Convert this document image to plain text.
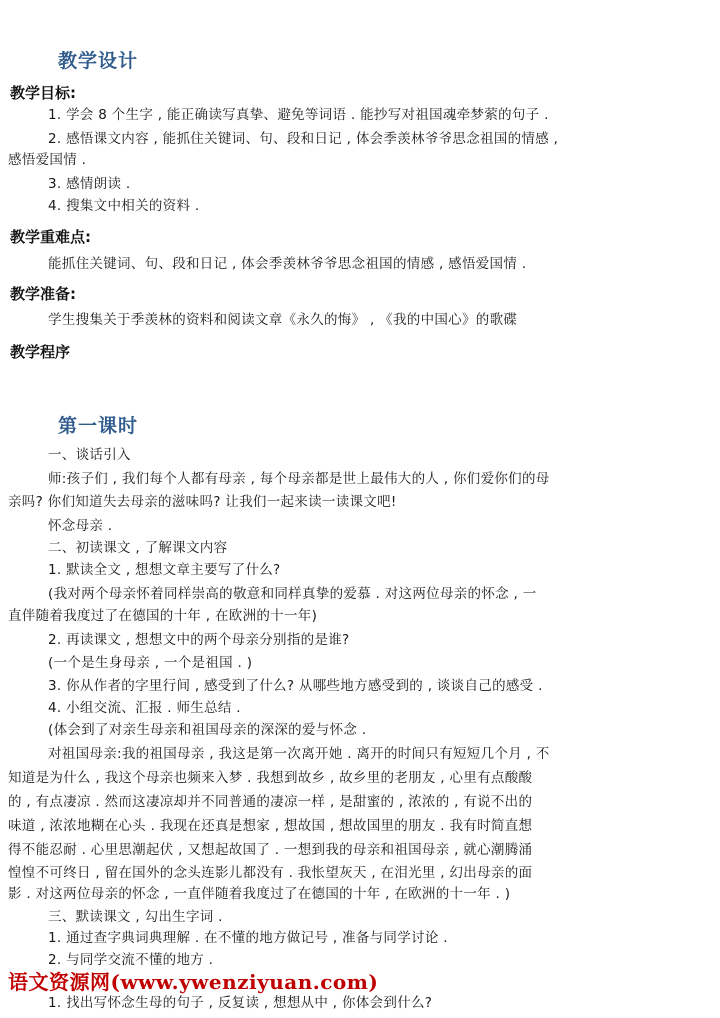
教学设计
教学目标:
1. 学会 8 个生字 , 能正确读写真挚、避免等词语 . 能抄写对祖国魂牵梦萦的句子 .
2. 感悟课文内容 , 能抓住关键词、句、段和日记 , 体会季羡林爷爷思念祖国的情感 ,
感悟爱国情 .
3. 感情朗读 .
4. 搜集文中相关的资料 .
教学重难点:
能抓住关键词、句、段和日记 , 体会季羡林爷爷思念祖国的情感 , 感悟爱国情 .
教学准备:
学生搜集关于季羡林的资料和阅读文章《永久的悔》 , 《我的中国心》的歌碟
教学程序
第一课时
一、谈话引入
师:孩子们 , 我们每个人都有母亲 , 每个母亲都是世上最伟大的人 , 你们爱你们的母
亲吗? 你们知道失去母亲的滋味吗? 让我们一起来读一读课文吧!
怀念母亲 .
二、初读课文 , 了解课文内容
1. 默读全文 , 想想文章主要写了什么?
(我对两个母亲怀着同样崇高的敬意和同样真挚的爱慕 . 对这两位母亲的怀念 , 一
直伴随着我度过了在德国的十年 , 在欧洲的十一年)
2. 再读课文 , 想想文中的两个母亲分别指的是谁?
(一个是生身母亲 , 一个是祖国 . )
3. 你从作者的字里行间 , 感受到了什么? 从哪些地方感受到的 , 谈谈自己的感受 .
4. 小组交流、汇报 . 师生总结 .
(体会到了对亲生母亲和祖国母亲的深深的爱与怀念 .
对祖国母亲:我的祖国母亲 , 我这是第一次离开她 . 离开的时间只有短短几个月 , 不
知道是为什么 , 我这个母亲也频来入梦 . 我想到故乡 , 故乡里的老朋友 , 心里有点酸酸
的 , 有点凄凉 . 然而这凄凉却并不同普通的凄凉一样 , 是甜蜜的 , 浓浓的 , 有说不出的
味道 , 浓浓地糊在心头 . 我现在还真是想家 , 想故国 , 想故国里的朋友 . 我有时简直想
得不能忍耐 . 心里思潮起伏 , 又想起故国了 . 一想到我的母亲和祖国母亲 , 就心潮腾涌
惶惶不可终日 , 留在国外的念头连影儿都没有 . 我怅望灰天 , 在泪光里 , 幻出母亲的面
影 . 对这两位母亲的怀念 , 一直伴随着我度过了在德国的十年 , 在欧洲的十一年 . )
三、默读课文 , 勾出生字词 .
1. 通过查字典词典理解 . 在不懂的地方做记号 , 准备与同学讨论 .
2. 与同学交流不懂的地方 .
1. 找出写怀念生母的句子 , 反复读 , 想想从中 , 你体会到什么?
语文资源网(www.ywenziyuan.com)
